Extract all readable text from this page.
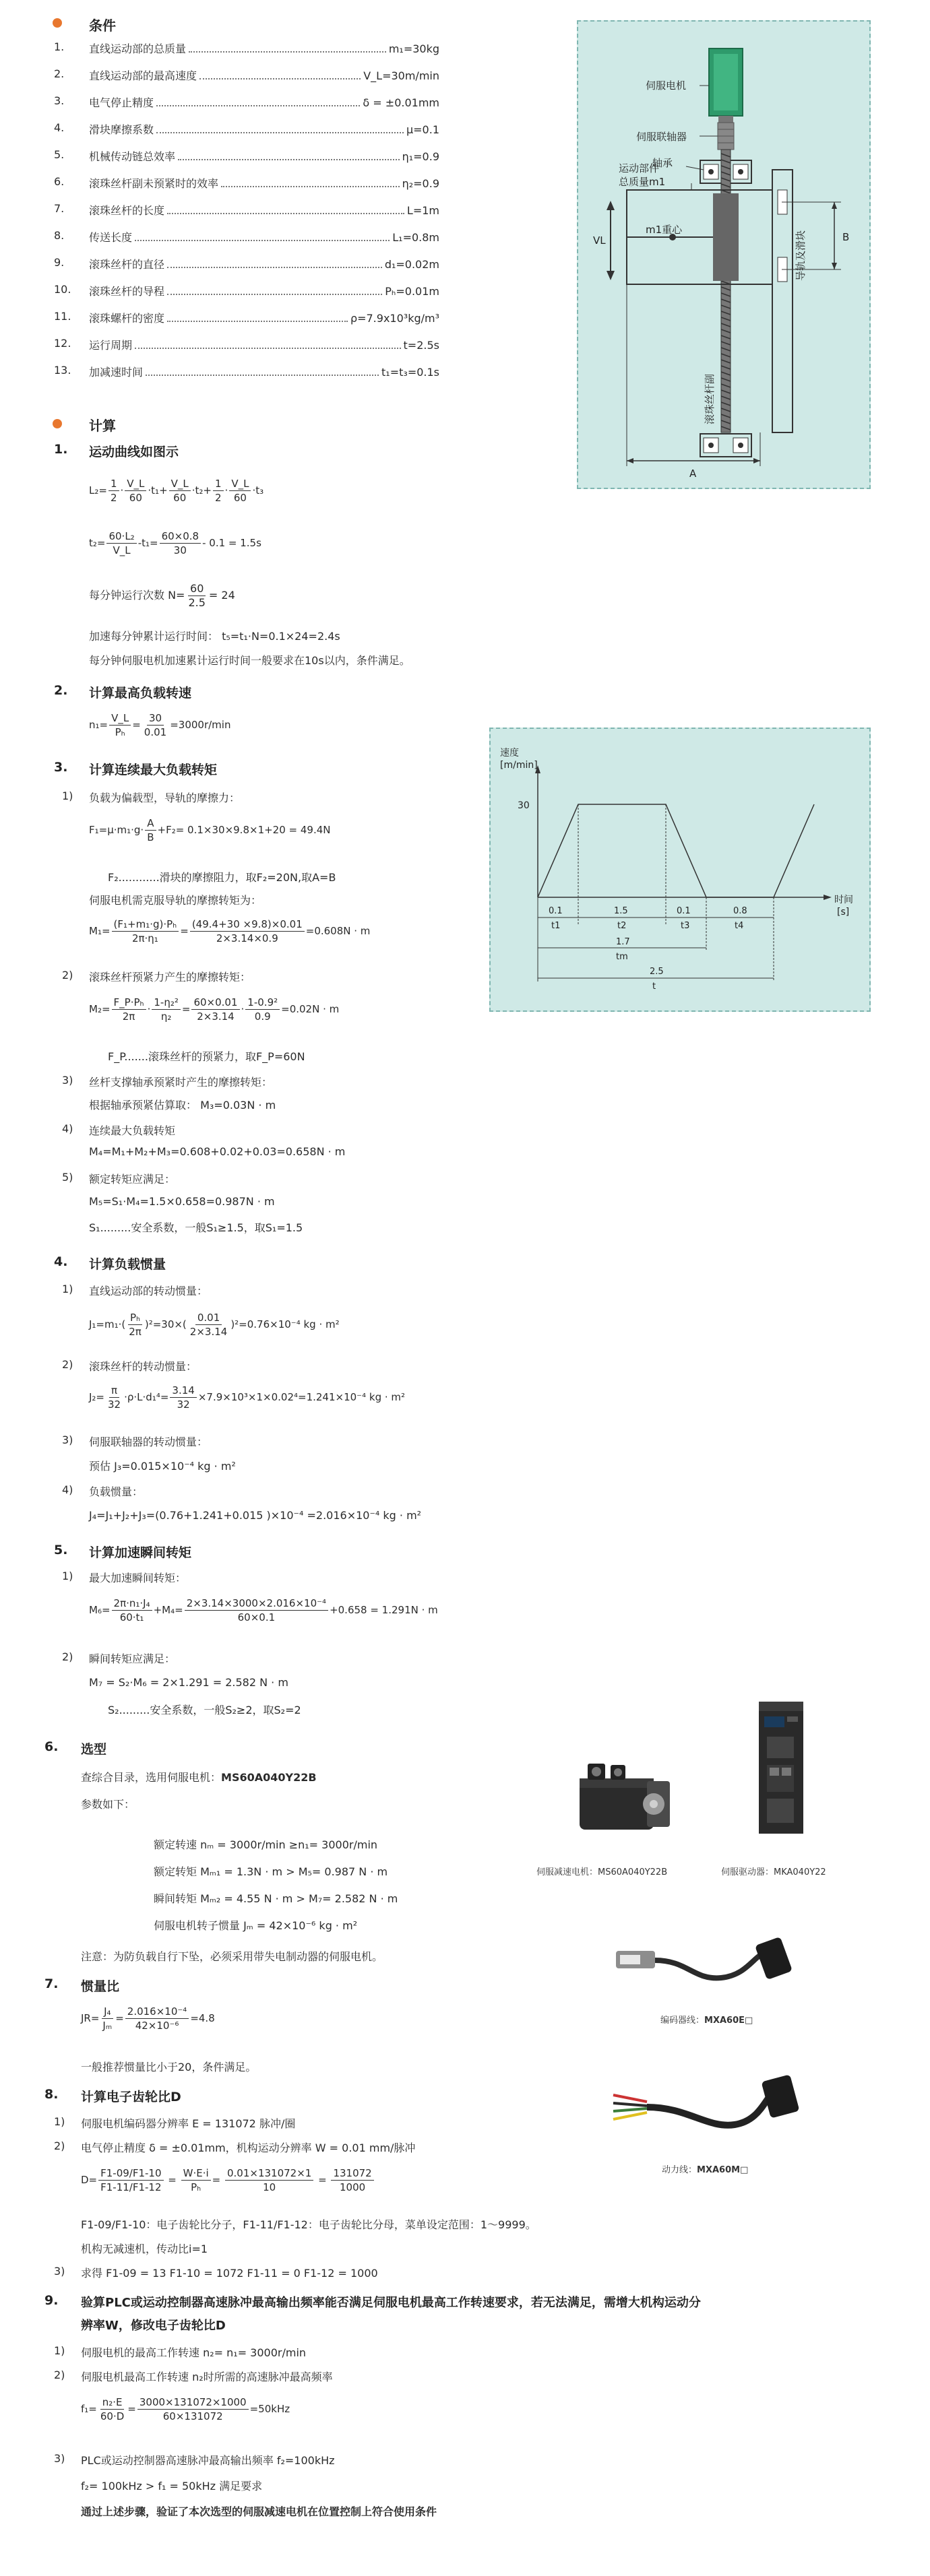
条件
1. 直线运动部的总质量	m₁=30kg
2. 直线运动部的最高速度	V_L=30m/min
3. 电气停止精度	δ = ±0.01mm
4. 滑块摩擦系数	μ=0.1
5. 机械传动链总效率	η₁=0.9
6. 滚珠丝杆副未预紧时的效率	η₂=0.9
7. 滚珠丝杆的长度	L=1m
8. 传送长度	L₁=0.8m
9. 滚珠丝杆的直径	d₁=0.02m
10. 滚珠丝杆的导程	Pₕ=0.01m
11. 滚珠螺杆的密度	ρ=7.9x10³kg/m³
12. 运行周期	t=2.5s
13. 加减速时间	t₁=t₃=0.1s
伺服电机
伺服联轴器
轴承
运动部件
总质量m1
m1重心
VL	B
A
导轨及滑块
滚珠丝杆副
计算
1. 运动曲线如图示
$L_2= \frac{1}{2} \cdot \frac{V\_L}{60} \cdot t_1+ \frac{V\_L}{60} \cdot t_2+ \frac{1}{2} \cdot \frac{V\_L}{60} \cdot t_3$
$t_2= \frac{\text{60·L₂}}{V\_L} -t_1= \frac{60\times 0.8}{30} - 0.1 = 1.5s$
每分钟运行次数 $N= \frac{60}{2.5} = 24$
加速每分钟累计运行时间： t₅=t₁·N=0.1×24=2.4s
每分钟伺服电机加速累计运行时间一般要求在10s以内，条件满足。
2. 计算最高负载转速
$n_1= \frac{V\_L}{\text{Pₕ}} = \frac{30}{0.01} =3000r/\min$
3. 计算连续最大负载转矩
1) 负载为偏载型，导轨的摩擦力：
$F_1=\mu\cdot m_1\cdot g\cdot \frac{A}{B} +F_2= 0.1\times 30\times 9.8\times 1+20 = 49.4N$
F₂............滑块的摩擦阻力，取F₂=20N,取A=B
伺服电机需克服导轨的摩擦转矩为：
$M_1= \frac{\text{(F₁+m₁·g)·Pₕ}}{\text{2π·η₁}} = \frac{(49.4+30 \times 9.8)\times 0.01}{2\times 3.14\times 0.9} =0.608N \cdot m$
2) 滚珠丝杆预紧力产生的摩擦转矩：
$M_2= \frac{\text{F\_P·Pₕ}}{2\pi} \cdot \frac{\text{1-η₂²}}{\text{η₂}} = \frac{60\times 0.01}{2\times 3.14} \cdot \frac{\text{1-0.9²}}{0.9} =0.02N \cdot m$
F_P.......滚珠丝杆的预紧力，取F_P=60N
3) 丝杆支撑轴承预紧时产生的摩擦转矩：
根据轴承预紧估算取： M₃=0.03N · m
4) 连续最大负载转矩
M₄=M₁+M₂+M₃=0.608+0.02+0.03=0.658N · m
5) 额定转矩应满足：
M₅=S₁·M₄=1.5×0.658=0.987N · m
S₁.........安全系数，一般S₁≥1.5，取S₁=1.5
速度
[m/min]
30
时间
[s]
0.1	1.5	0.1	0.8
t1	t2	t3	t4
1.7
tm
2.5
t
4. 计算负载惯量
1) 直线运动部的转动惯量：
$J_1=m_1\cdot( \frac{\text{Pₕ}}{2\pi} )^2=30\times( \frac{0.01}{2\times 3.14} )^2=0.76\times 10^{-4}$ kg · m²
2) 滚珠丝杆的转动惯量：
$J_2= \frac{\pi}{32} \cdot\rho\cdot L\cdot d_1^4= \frac{3.14}{32} \times 7.9\times 10^3\times 1\times 0.02^4=1.241\times 10^{-4}$ kg · m²
3) 伺服联轴器的转动惯量：
预估 J₃=0.015×10⁻⁴ kg · m²
4) 负载惯量：
J₄=J₁+J₂+J₃=(0.76+1.241+0.015 )×10⁻⁴ =2.016×10⁻⁴ kg · m²
5. 计算加速瞬间转矩
1) 最大加速瞬间转矩：
$M_6= \frac{\text{2π·n₁·J₄}}{\text{60·t₁}} +M_4= \frac{\text{2×3.14×3000×2.016×10⁻⁴}}{60\times 0.1} +0.658 = 1.291N \cdot m$
2) 瞬间转矩应满足：
M₇ = S₂·M₆ = 2×1.291 = 2.582 N · m
S₂.........安全系数，一般S₂≥2，取S₂=2
6. 选型
查综合目录，选用伺服电机：MS60A040Y22B
参数如下：
额定转速 nₘ = 3000r/min ≥n₁= 3000r/min
额定转矩 Mₘ₁ = 1.3N · m > M₅= 0.987 N · m
瞬间转矩 Mₘ₂ = 4.55 N · m > M₇= 2.582 N · m
伺服电机转子惯量 Jₘ = 42×10⁻⁶ kg · m²
注意：为防负载自行下坠，必须采用带失电制动器的伺服电机。
伺服减速电机：MS60A040Y22B	伺服驱动器：MKA040Y22
编码器线：MXA60E□
动力线：MXA60M□
7. 惯量比
$JR= \frac{\text{J₄}}{\text{Jₘ}} = \frac{\text{2.016×10⁻⁴}}{\text{42×10⁻⁶}} =4.8$
一般推荐惯量比小于20，条件满足。
8. 计算电子齿轮比D
1) 伺服电机编码器分辨率 E = 131072 脉冲/圈
2) 电气停止精度 δ = ±0.01mm，机构运动分辨率 W = 0.01 mm/脉冲
$D= \frac{F1-09/F1-10}{F1-11/F1-12} = \frac{W\cdot E\cdot i}{\text{Pₕ}} = \frac{0.01\times 131072\times 1}{10} = \frac{131072}{1000}$
F1-09/F1-10：电子齿轮比分子，F1-11/F1-12：电子齿轮比分母，菜单设定范围：1～9999。
机构无减速机，传动比i=1
3) 求得 F1-09 = 13 F1-10 = 1072 F1-11 = 0 F1-12 = 1000
9. 验算PLC或运动控制器高速脉冲最高输出频率能否满足伺服电机最高工作转速要求，若无法满足，需增大机构运动分
辨率W，修改电子齿轮比D
1) 伺服电机的最高工作转速 n₂= n₁= 3000r/min
2) 伺服电机最高工作转速 n₂时所需的高速脉冲最高频率
$f_1= \frac{\text{n₂·E}}{60\cdot D} = \frac{3000\times 131072\times 1000}{60\times 131072} =50kHz$
3) PLC或运动控制器高速脉冲最高输出频率 f₂=100kHz
f₂= 100kHz > f₁ = 50kHz 满足要求
通过上述步骤，验证了本次选型的伺服减速电机在位置控制上符合使用条件
